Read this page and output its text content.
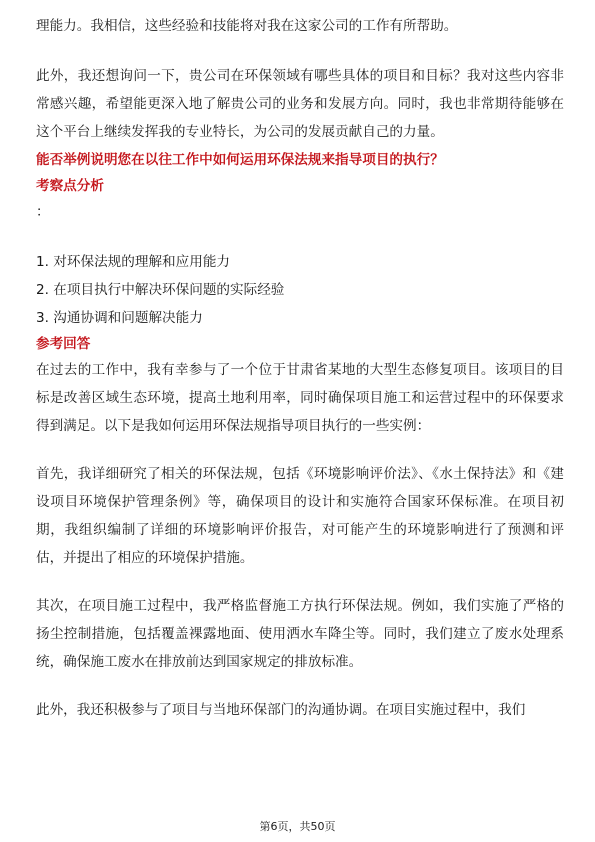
理能力。我相信，这些经验和技能将对我在这家公司的工作有所帮助。

此外，我还想询问一下，贵公司在环保领域有哪些具体的项目和目标？我对这些内容非常感兴趣，希望能更深入地了解贵公司的业务和发展方向。同时，我也非常期待能够在这个平台上继续发挥我的专业特长，为公司的发展贡献自己的力量。

能否举例说明您在以往工作中如何运用环保法规来指导项目的执行？

考察点分析

：

1. 对环保法规的理解和应用能力

2. 在项目执行中解决环保问题的实际经验

3. 沟通协调和问题解决能力

参考回答

在过去的工作中，我有幸参与了一个位于甘肃省某地的大型生态修复项目。该项目的目标是改善区域生态环境，提高土地利用率，同时确保项目施工和运营过程中的环保要求得到满足。以下是我如何运用环保法规指导项目执行的一些实例：

首先，我详细研究了相关的环保法规，包括《环境影响评价法》、《水土保持法》和《建设项目环境保护管理条例》等，确保项目的设计和实施符合国家环保标准。在项目初期，我组织编制了详细的环境影响评价报告，对可能产生的环境影响进行了预测和评估，并提出了相应的环境保护措施。

其次，在项目施工过程中，我严格监督施工方执行环保法规。例如，我们实施了严格的扬尘控制措施，包括覆盖裸露地面、使用洒水车降尘等。同时，我们建立了废水处理系统，确保施工废水在排放前达到国家规定的排放标准。

此外，我还积极参与了项目与当地环保部门的沟通协调。在项目实施过程中，我们

第6页，共50页
